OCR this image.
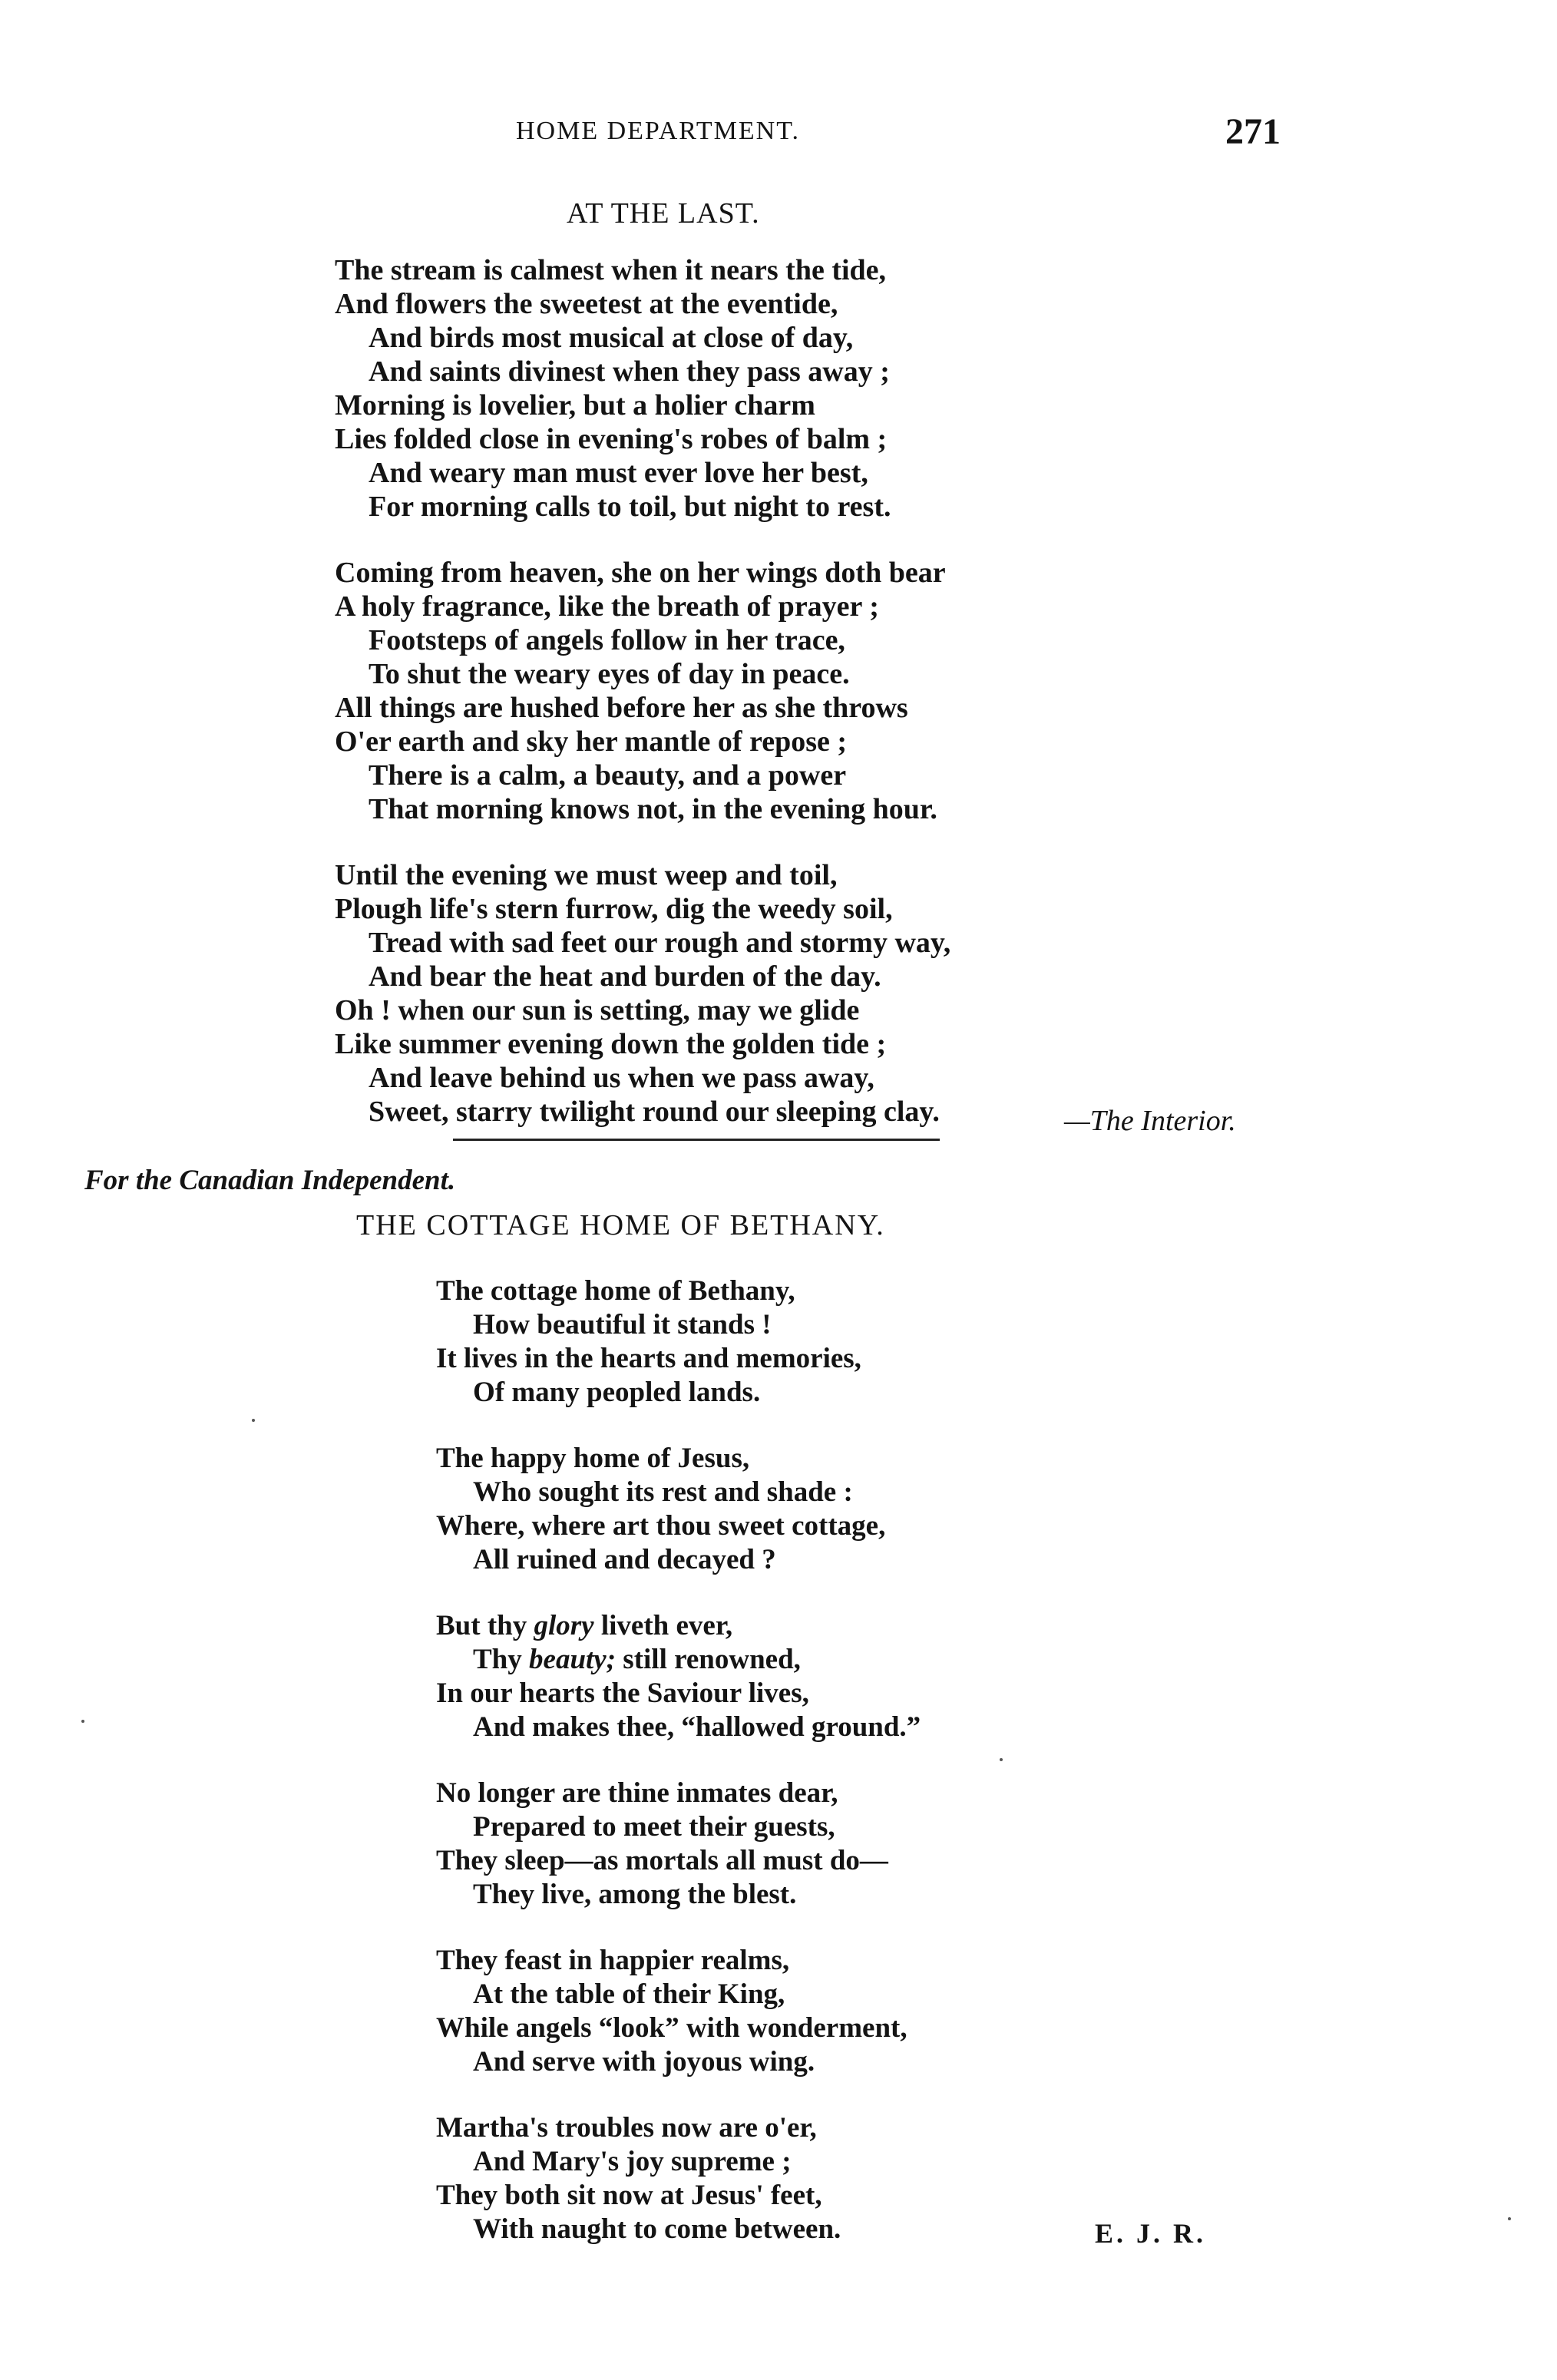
HOME DEPARTMENT.	271
AT THE LAST.
The stream is calmest when it nears the tide,
And flowers the sweetest at the eventide,
And birds most musical at close of day,
And saints divinest when they pass away ;
Morning is lovelier, but a holier charm
Lies folded close in evening's robes of balm ;
And weary man must ever love her best,
For morning calls to toil, but night to rest.
Coming from heaven, she on her wings doth bear
A holy fragrance, like the breath of prayer ;
Footsteps of angels follow in her trace,
To shut the weary eyes of day in peace.
All things are hushed before her as she throws
O'er earth and sky her mantle of repose ;
There is a calm, a beauty, and a power
That morning knows not, in the evening hour.
Until the evening we must weep and toil,
Plough life's stern furrow, dig the weedy soil,
Tread with sad feet our rough and stormy way,
And bear the heat and burden of the day.
Oh ! when our sun is setting, may we glide
Like summer evening down the golden tide ;
And leave behind us when we pass away,
Sweet, starry twilight round our sleeping clay.	—The Interior.
For the Canadian Independent.
THE COTTAGE HOME OF BETHANY.
The cottage home of Bethany,
How beautiful it stands !
It lives in the hearts and memories,
Of many peopled lands.
The happy home of Jesus,
Who sought its rest and shade :
Where, where art thou sweet cottage,
All ruined and decayed ?
But thy glory liveth ever,
Thy beauty; still renowned,
In our hearts the Saviour lives,
And makes thee, “hallowed ground.”
No longer are thine inmates dear,
Prepared to meet their guests,
They sleep—as mortals all must do—
They live, among the blest.
They feast in happier realms,
At the table of their King,
While angels “look” with wonderment,
And serve with joyous wing.
Martha's troubles now are o'er,
And Mary's joy supreme ;
They both sit now at Jesus' feet,
With naught to come between.	E. J. R.
